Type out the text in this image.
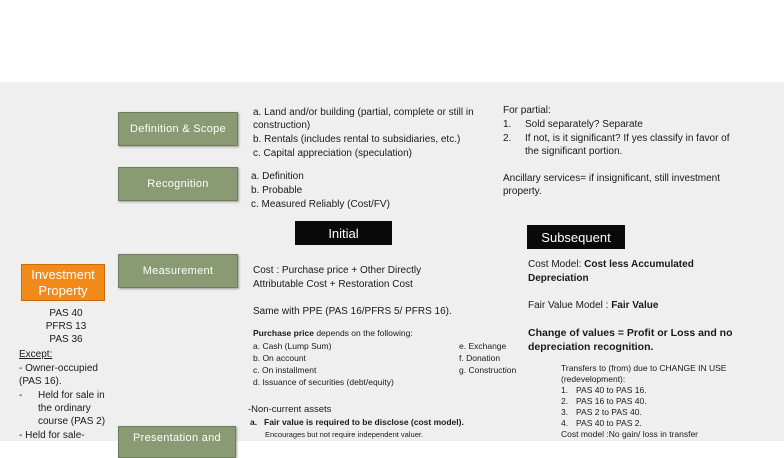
Investment
Property
PAS 40
PFRS 13
PAS 36
Except:
- Owner-occupied (PAS 16).
-	Held for sale in the ordinary course (PAS 2)
- Held for sale-
Definition & Scope
Recognition
Measurement
Presentation and
a. Land and/or building (partial, complete or still in
construction)
b. Rentals (includes rental to subsidiaries, etc.)
c. Capital appreciation (speculation)
a. Definition
b. Probable
c. Measured Reliably (Cost/FV)
For partial:
1.	Sold separately? Separate
2.	If not, is it significant? If yes classify in favor of the significant portion.
Ancillary services= if insignificant, still investment property.
Initial	Subsequent
Cost : Purchase price + Other Directly
Attributable Cost + Restoration Cost
Same with PPE (PAS 16/PFRS 5/ PFRS 16).
Purchase price depends on the following:
a. Cash (Lump Sum)
b. On account
c. On installment
d. Issuance of securities (debt/equity)
e. Exchange
f. Donation
g. Construction
-Non-current assets
a. Fair value is required to be disclose (cost model).
Encourages but not require independent valuer.
Cost Model: Cost less Accumulated Depreciation
Fair Value Model : Fair Value
Change of values = Profit or Loss and no depreciation recognition.
Transfers to (from) due to CHANGE IN USE (redevelopment):
1. PAS 40 to PAS 16.
2. PAS 16 to PAS 40.
3. PAS 2 to PAS 40.
4. PAS 40 to PAS 2.
Cost model :No gain/ loss in transfer
